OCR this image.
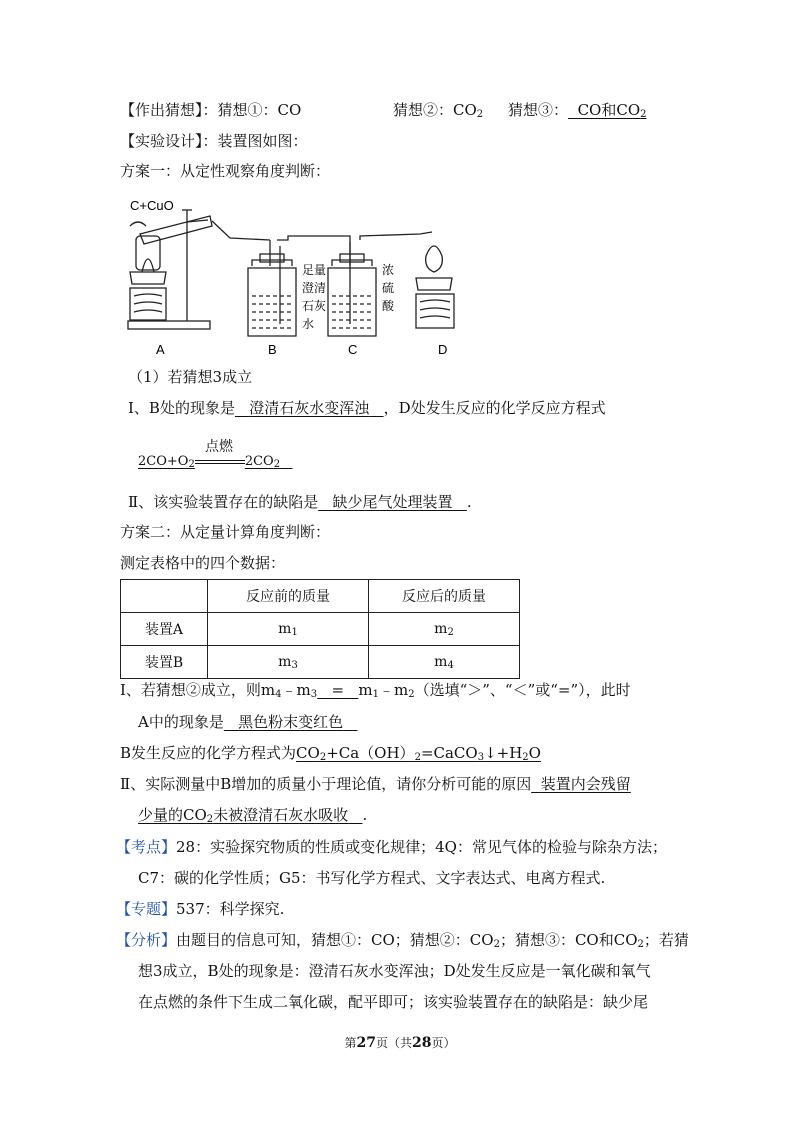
【作出猜想】：猜想①：CO	猜想②：$CO_2$ 猜想③： CO和$CO_2$
【实验设计】：装置图如图：
方案一：从定性观察角度判断：
C+CuO
足 量
澄 清
石 灰
水
浓
硫
酸
A	B	C	D
（1）若猜想3成立
Ⅰ、B处的现象是 澄清石灰水变浑浊 ，D处发生反应的化学反应方程式
点燃
$2CO+O_2$	$2CO_2$
Ⅱ、该实验装置存在的缺陷是 缺少尾气处理装置 .
方案二：从定量计算角度判断：
测定表格中的四个数据：
	反应前的质量	反应后的质量
装置A	$m_1$	$m_2$
装置B	$m_3$	$m_4$
Ⅰ、若猜想②成立，则$m_4﹣m_3$ = $m_1﹣m_2$（选填“＞”、“＜”或“=”），此时
A中的现象是 黑色粉末变红色
B发生反应的化学方程式为$CO_2+Ca(OH)_2=CaCO_3↓+H_2O$
Ⅱ、实际测量中B增加的质量小于理论值，请你分析可能的原因 装置内会残留
少量的$CO_2$未被澄清石灰水吸收 .
【考点】28：实验探究物质的性质或变化规律；4Q：常见气体的检验与除杂方法；
C7：碳的化学性质；G5：书写化学方程式、文字表达式、电离方程式.
【专题】537：科学探究.
【分析】由题目的信息可知，猜想①：CO；猜想②：$CO_2$；猜想③：CO和$CO_2$；若猜
想3成立，B处的现象是：澄清石灰水变浑浊；D处发生反应是一氧化碳和氧气
在点燃的条件下生成二氧化碳，配平即可；该实验装置存在的缺陷是：缺少尾
第27页（共28页）
